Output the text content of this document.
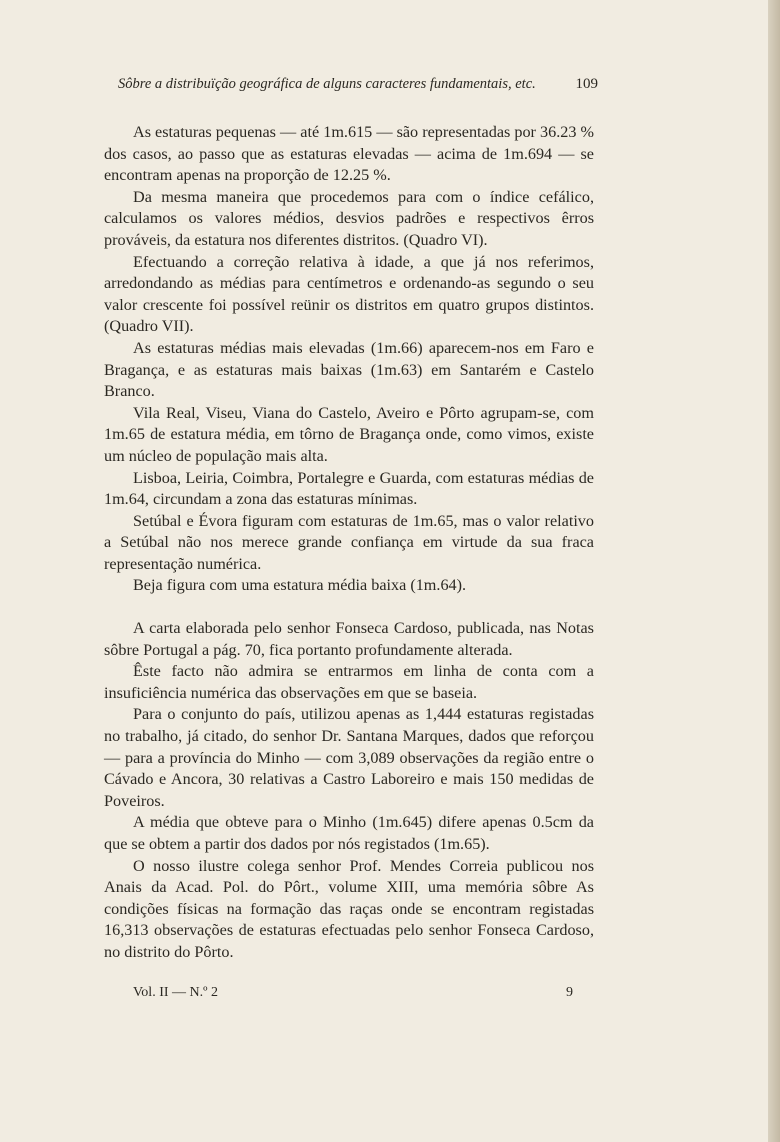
Sôbre a distribuïção geográfica de alguns caracteres fundamentais, etc.	109

As estaturas pequenas — até 1m.615 — são representadas por 36.23 % dos casos, ao passo que as estaturas elevadas — acima de 1m.694 — se encontram apenas na proporção de 12.25 %.

Da mesma maneira que procedemos para com o índice cefálico, calculamos os valores médios, desvios padrões e respectivos êrros prováveis, da estatura nos diferentes distritos. (Quadro VI).

Efectuando a correção relativa à idade, a que já nos referimos, arredondando as médias para centímetros e ordenando-as segundo o seu valor crescente foi possível reünir os distritos em quatro grupos distintos. (Quadro VII).

As estaturas médias mais elevadas (1m.66) aparecem-nos em Faro e Bragança, e as estaturas mais baixas (1m.63) em Santarém e Castelo Branco.

Vila Real, Viseu, Viana do Castelo, Aveiro e Pôrto agrupam-se, com 1m.65 de estatura média, em tôrno de Bragança onde, como vimos, existe um núcleo de população mais alta.

Lisboa, Leiria, Coimbra, Portalegre e Guarda, com estaturas médias de 1m.64, circundam a zona das estaturas mínimas.

Setúbal e Évora figuram com estaturas de 1m.65, mas o valor relativo a Setúbal não nos merece grande confiança em virtude da sua fraca representação numérica.

Beja figura com uma estatura média baixa (1m.64).

A carta elaborada pelo senhor Fonseca Cardoso, publicada, nas Notas sôbre Portugal a pág. 70, fica portanto profundamente alterada.

Êste facto não admira se entrarmos em linha de conta com a insuficiência numérica das observações em que se baseia.

Para o conjunto do país, utilizou apenas as 1,444 estaturas registadas no trabalho, já citado, do senhor Dr. Santana Marques, dados que reforçou — para a província do Minho — com 3,089 observações da região entre o Cávado e Ancora, 30 relativas a Castro Laboreiro e mais 150 medidas de Poveiros.

A média que obteve para o Minho (1m.645) difere apenas 0.5cm da que se obtem a partir dos dados por nós registados (1m.65).

O nosso ilustre colega senhor Prof. Mendes Correia publicou nos Anais da Acad. Pol. do Pôrt., volume XIII, uma memória sôbre As condições físicas na formação das raças onde se encontram registadas 16,313 observações de estaturas efectuadas pelo senhor Fonseca Cardoso, no distrito do Pôrto.

Vol. II — N.º 2	9
